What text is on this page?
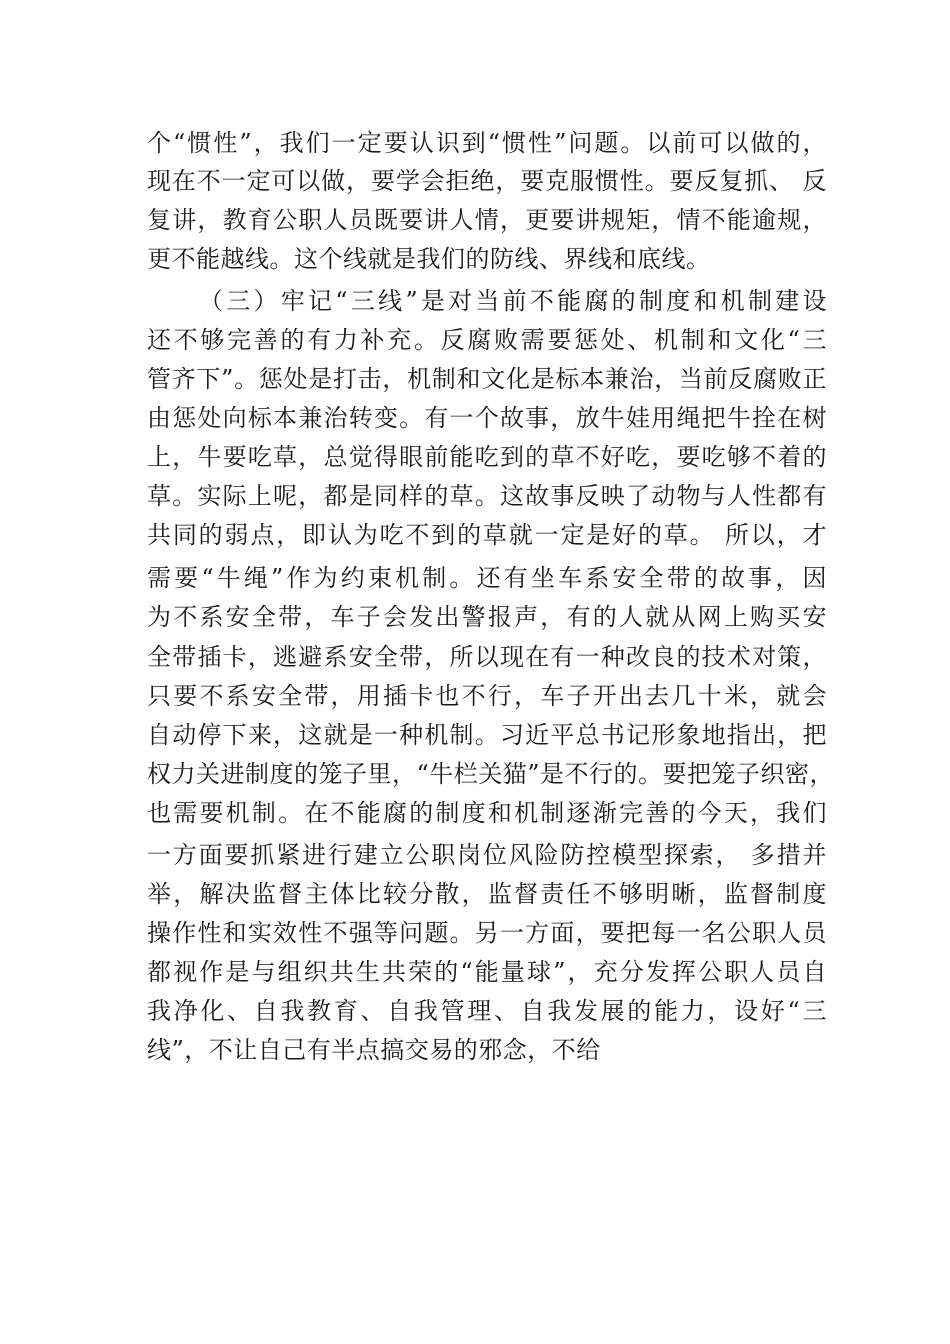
个“惯性”，我们一定要认识到“惯性”问题。以前可以做的，
现在不一定可以做，要学会拒绝，要克服惯性。要反复抓、 反
复讲，教育公职人员既要讲人情，更要讲规矩，情不能逾规，
更不能越线。这个线就是我们的防线、界线和底线。
（三）牢记“三线”是对当前不能腐的制度和机制建设
还不够完善的有力补充。反腐败需要惩处、机制和文化“三
管齐下”。惩处是打击，机制和文化是标本兼治，当前反腐败正
由惩处向标本兼治转变。有一个故事，放牛娃用绳把牛拴在树
上，牛要吃草，总觉得眼前能吃到的草不好吃，要吃够不着的
草。实际上呢，都是同样的草。这故事反映了动物与人性都有
共同的弱点，即认为吃不到的草就一定是好的草。 所以，才
需要“牛绳”作为约束机制。还有坐车系安全带的故事，因
为不系安全带，车子会发出警报声，有的人就从网上购买安
全带插卡，逃避系安全带，所以现在有一种改良的技术对策，
只要不系安全带，用插卡也不行，车子开出去几十米，就会
自动停下来，这就是一种机制。习近平总书记形象地指出，把
权力关进制度的笼子里，“牛栏关猫”是不行的。要把笼子织密，
也需要机制。在不能腐的制度和机制逐渐完善的今天，我们
一方面要抓紧进行建立公职岗位风险防控模型探索， 多措并
举，解决监督主体比较分散，监督责任不够明晰，监督制度
操作性和实效性不强等问题。另一方面，要把每一名公职人员
都视作是与组织共生共荣的“能量球”，充分发挥公职人员自
我净化、自我教育、自我管理、自我发展的能力，设好“三
线”，不让自己有半点搞交易的邪念，不给
